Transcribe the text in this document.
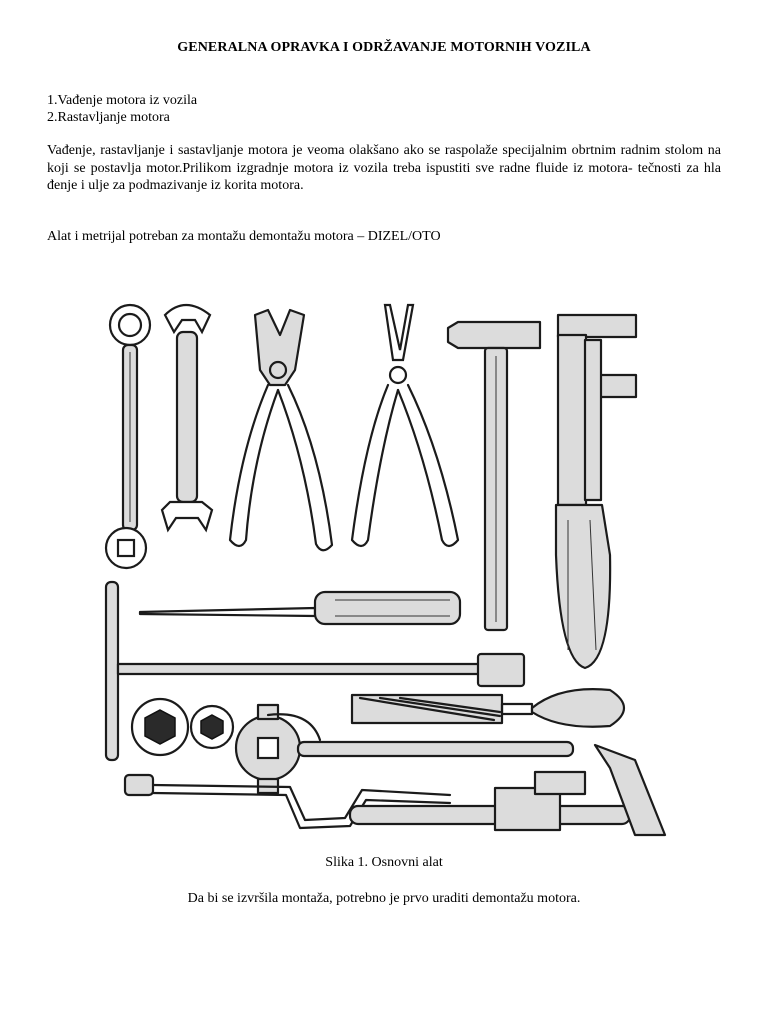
GENERALNA OPRAVKA I ODRŽAVANJE MOTORNIH VOZILA
1.Vađenje motora iz vozila
2.Rastavljanje motora
Vađenje, rastavljanje i sastavljanje motora je veoma olakšano ako se raspolaže specijalnim obrtnim radnim stolom na koji se postavlja motor.Prilikom izgradnje motora iz vozila treba ispustiti sve radne fluide iz motora- tečnosti za hla đenje i ulje za podmazivanje iz korita motora.
Alat i metrijal potreban za montažu demontažu motora – DIZEL/OTO
Slika 1. Osnovni alat
Da bi se izvršila montaža, potrebno je prvo uraditi demontažu motora.
